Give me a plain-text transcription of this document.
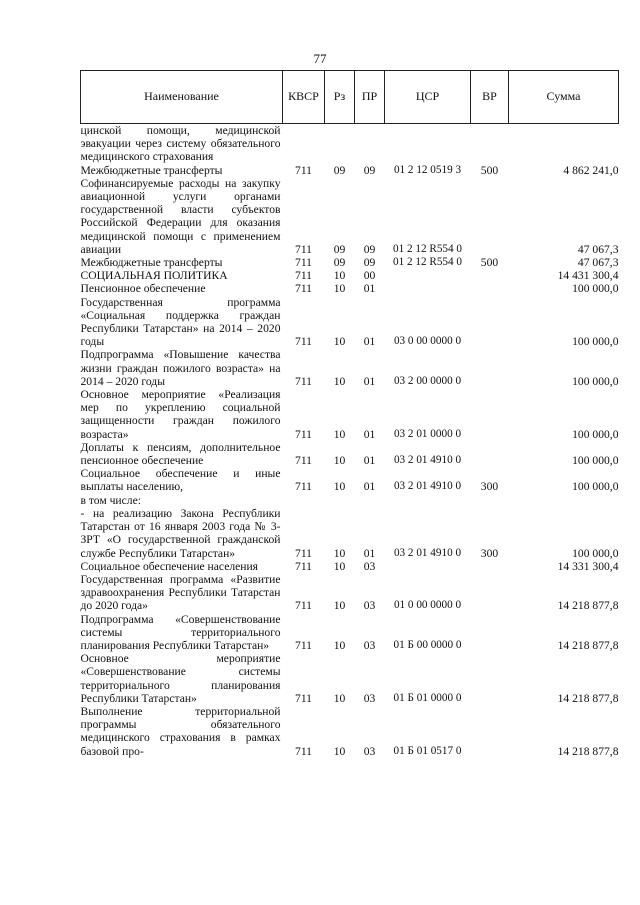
77
Наименование	КВСР	Рз	ПР	ЦСР	ВР	Сумма
цинской помощи, медицинской эвакуации через систему обязательного медицинского страхования						
Межбюджетные трансферты	711	09	09	01 2 12 0519 3	500	4 862 241,0
Софинансируемые расходы на закупку авиационной услуги органами государственной власти субъектов Российской Федерации для оказания медицинской помощи с применением авиации	711	09	09	01 2 12 R554 0		47 067,3
Межбюджетные трансферты	711	09	09	01 2 12 R554 0	500	47 067,3
СОЦИАЛЬНАЯ ПОЛИТИКА	711	10	00			14 431 300,4
Пенсионное обеспечение	711	10	01			100 000,0
Государственная программа «Социальная поддержка граждан Республики Татарстан» на 2014 – 2020 годы	711	10	01	03 0 00 0000 0		100 000,0
Подпрограмма «Повышение качества жизни граждан пожилого возраста» на 2014 – 2020 годы	711	10	01	03 2 00 0000 0		100 000,0
Основное мероприятие «Реализация мер по укреплению социальной защищенности граждан пожилого возраста»	711	10	01	03 2 01 0000 0		100 000,0
Доплаты к пенсиям, дополнительное пенсионное обеспечение	711	10	01	03 2 01 4910 0		100 000,0
Социальное обеспечение и иные выплаты населению,	711	10	01	03 2 01 4910 0	300	100 000,0
в том числе:						
- на реализацию Закона Республики Татарстан от 16 января 2003 года № 3-ЗРТ «О государственной гражданской службе Республики Татарстан»	711	10	01	03 2 01 4910 0	300	100 000,0
Социальное обеспечение населения	711	10	03			14 331 300,4
Государственная программа «Развитие здравоохранения Республики Татарстан до 2020 года»	711	10	03	01 0 00 0000 0		14 218 877,8
Подпрограмма «Совершенствование системы территориального планирования Республики Татарстан»	711	10	03	01 Б 00 0000 0		14 218 877,8
Основное мероприятие «Совершенствование системы территориального планирования Республики Татарстан»	711	10	03	01 Б 01 0000 0		14 218 877,8
Выполнение территориальной программы обязательного медицинского страхования в рамках базовой про-	711	10	03	01 Б 01 0517 0		14 218 877,8
